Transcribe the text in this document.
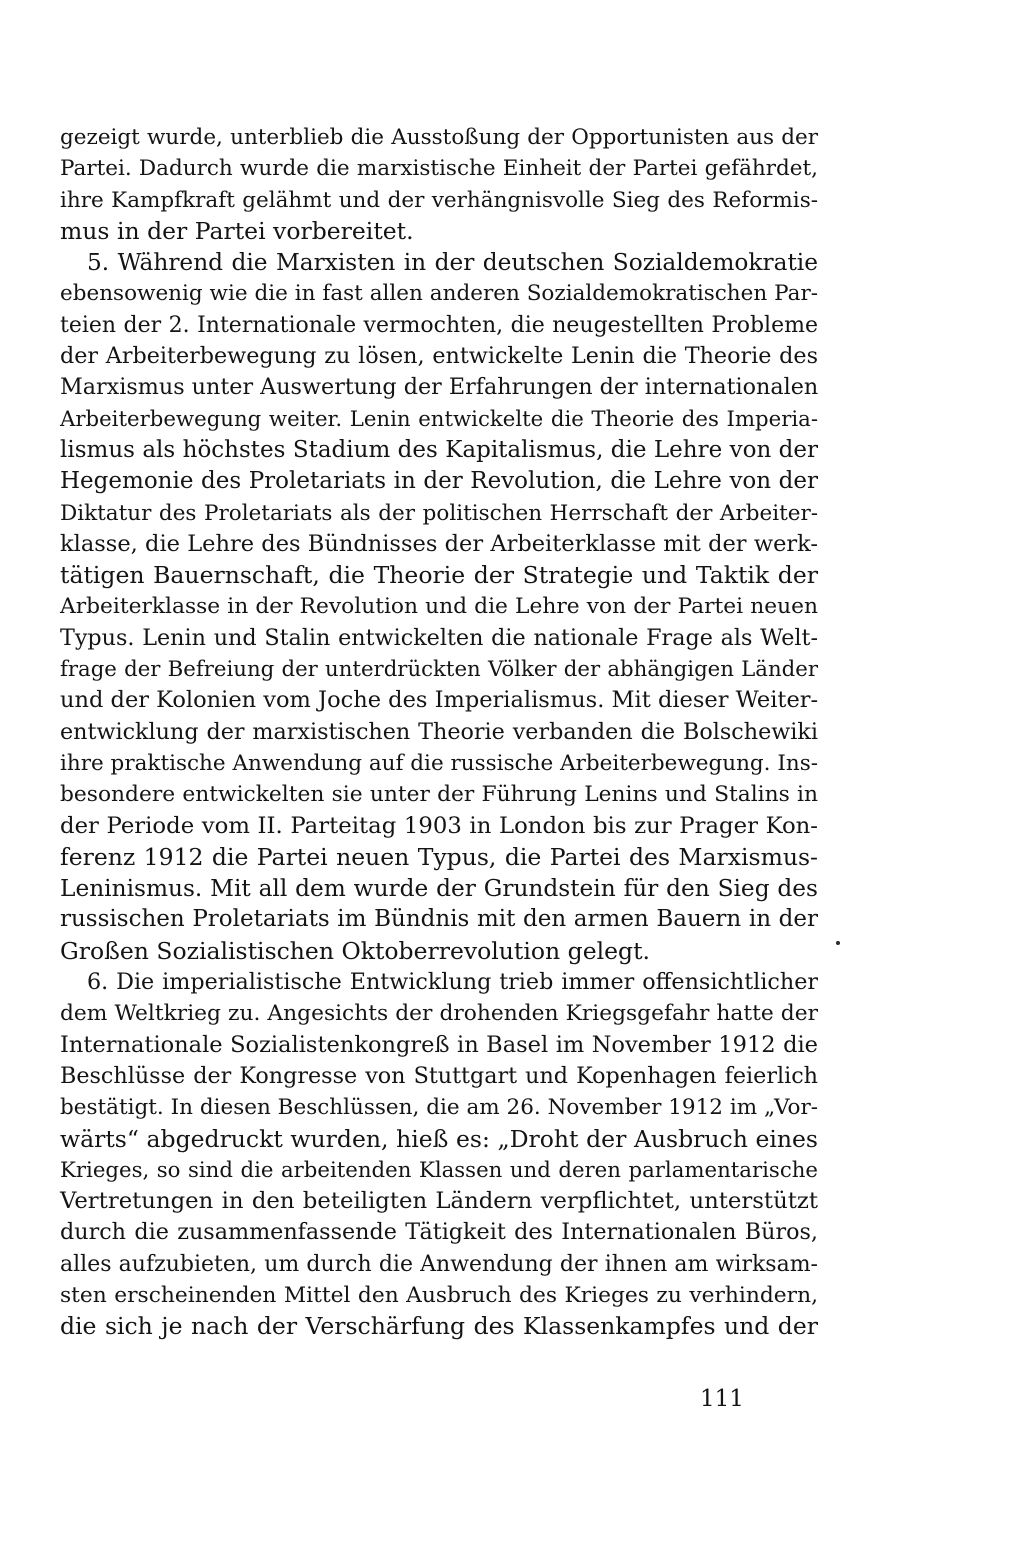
gezeigt wurde, unterblieb die Ausstoßung der Opportunisten aus der
Partei. Dadurch wurde die marxistische Einheit der Partei gefährdet,
ihre Kampfkraft gelähmt und der verhängnisvolle Sieg des Reformis-
mus in der Partei vorbereitet.
5. Während die Marxisten in der deutschen Sozialdemokratie
ebensowenig wie die in fast allen anderen Sozialdemokratischen Par-
teien der 2. Internationale vermochten, die neugestellten Probleme
der Arbeiterbewegung zu lösen, entwickelte Lenin die Theorie des
Marxismus unter Auswertung der Erfahrungen der internationalen
Arbeiterbewegung weiter. Lenin entwickelte die Theorie des Imperia-
lismus als höchstes Stadium des Kapitalismus, die Lehre von der
Hegemonie des Proletariats in der Revolution, die Lehre von der
Diktatur des Proletariats als der politischen Herrschaft der Arbeiter-
klasse, die Lehre des Bündnisses der Arbeiterklasse mit der werk-
tätigen Bauernschaft, die Theorie der Strategie und Taktik der
Arbeiterklasse in der Revolution und die Lehre von der Partei neuen
Typus. Lenin und Stalin entwickelten die nationale Frage als Welt-
frage der Befreiung der unterdrückten Völker der abhängigen Länder
und der Kolonien vom Joche des Imperialismus. Mit dieser Weiter-
entwicklung der marxistischen Theorie verbanden die Bolschewiki
ihre praktische Anwendung auf die russische Arbeiterbewegung. Ins-
besondere entwickelten sie unter der Führung Lenins und Stalins in
der Periode vom II. Parteitag 1903 in London bis zur Prager Kon-
ferenz 1912 die Partei neuen Typus, die Partei des Marxismus-
Leninismus. Mit all dem wurde der Grundstein für den Sieg des
russischen Proletariats im Bündnis mit den armen Bauern in der
Großen Sozialistischen Oktoberrevolution gelegt.
6. Die imperialistische Entwicklung trieb immer offensichtlicher
dem Weltkrieg zu. Angesichts der drohenden Kriegsgefahr hatte der
Internationale Sozialistenkongreß in Basel im November 1912 die
Beschlüsse der Kongresse von Stuttgart und Kopenhagen feierlich
bestätigt. In diesen Beschlüssen, die am 26. November 1912 im „Vor-
wärts“ abgedruckt wurden, hieß es: „Droht der Ausbruch eines
Krieges, so sind die arbeitenden Klassen und deren parlamentarische
Vertretungen in den beteiligten Ländern verpflichtet, unterstützt
durch die zusammenfassende Tätigkeit des Internationalen Büros,
alles aufzubieten, um durch die Anwendung der ihnen am wirksam-
sten erscheinenden Mittel den Ausbruch des Krieges zu verhindern,
die sich je nach der Verschärfung des Klassenkampfes und der
111
